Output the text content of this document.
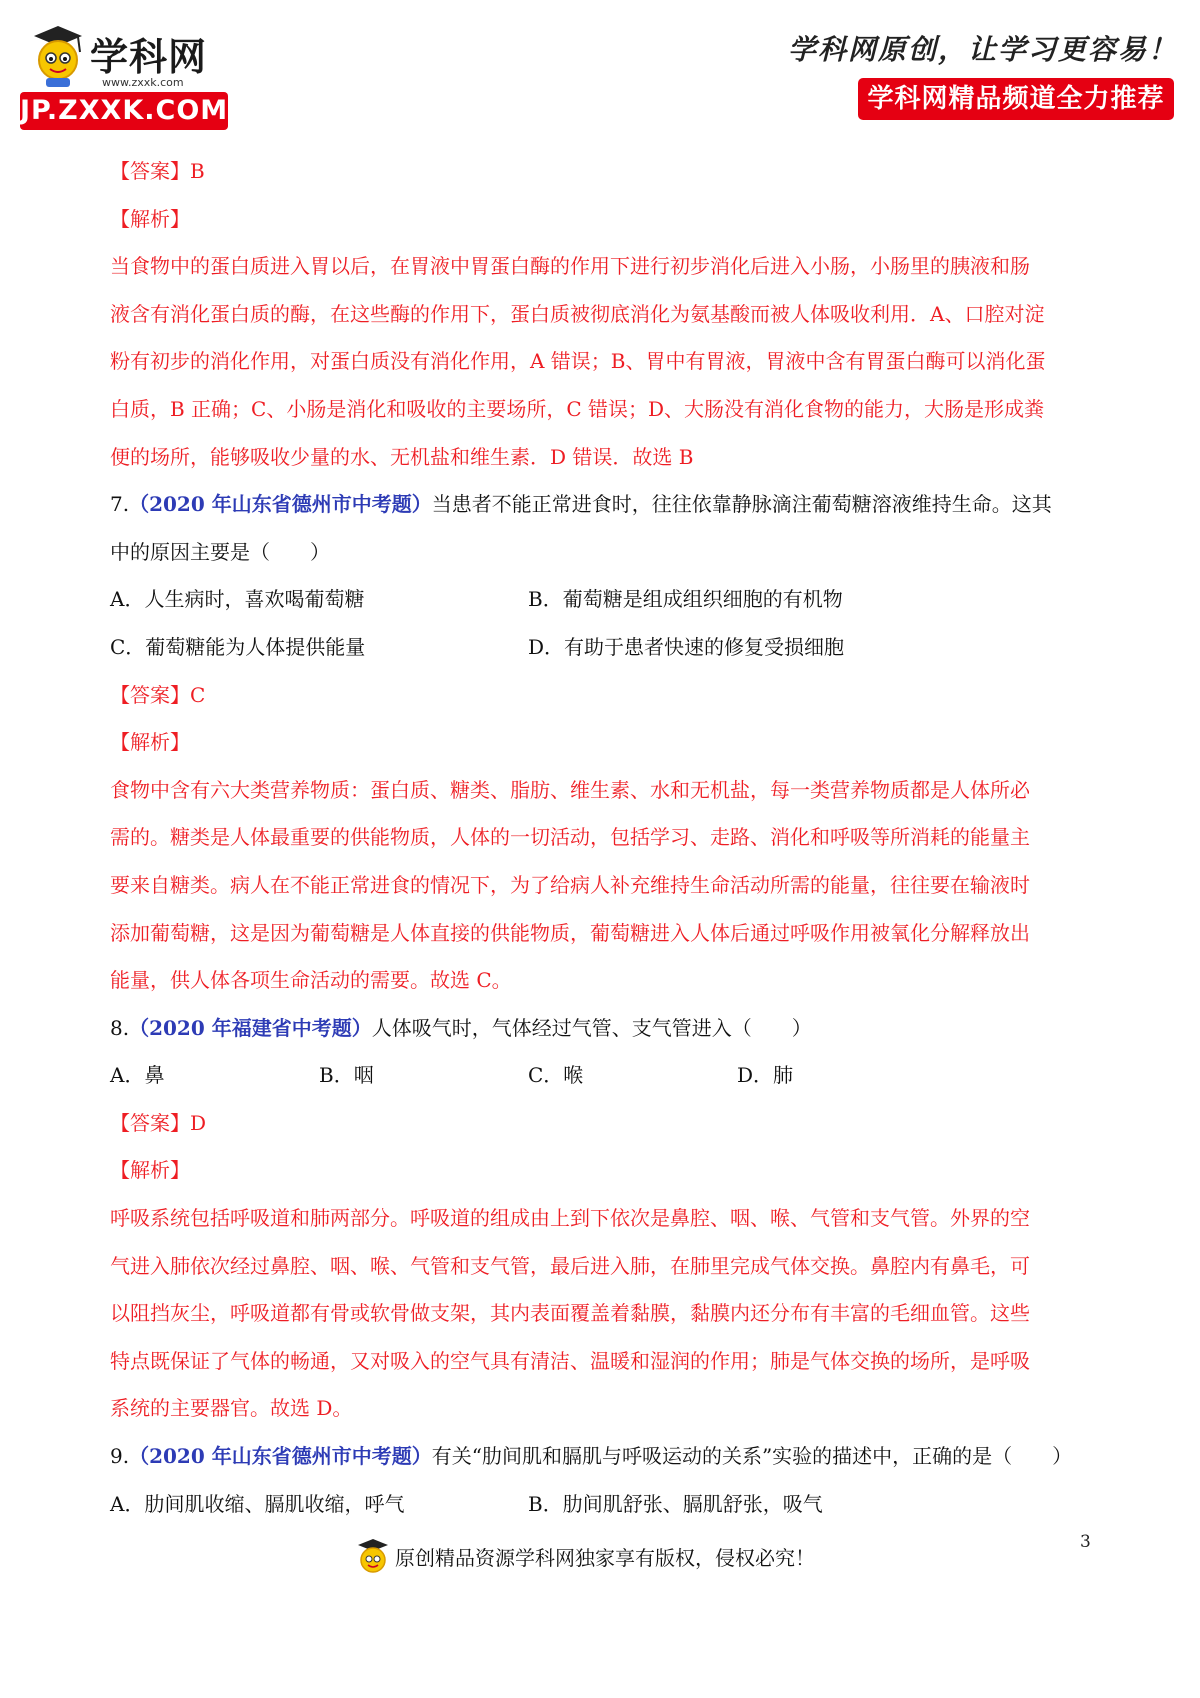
学科网
www.zxxk.com
JP.ZXXK.COM
学科网原创，让学习更容易！
学科网精品频道全力推荐
【答案】B
【解析】
当食物中的蛋白质进入胃以后，在胃液中胃蛋白酶的作用下进行初步消化后进入小肠，小肠里的胰液和肠
液含有消化蛋白质的酶，在这些酶的作用下，蛋白质被彻底消化为氨基酸而被人体吸收利用．A、口腔对淀
粉有初步的消化作用，对蛋白质没有消化作用，A 错误；B、胃中有胃液，胃液中含有胃蛋白酶可以消化蛋
白质，B 正确；C、小肠是消化和吸收的主要场所，C 错误；D、大肠没有消化食物的能力，大肠是形成粪
便的场所，能够吸收少量的水、无机盐和维生素．D 错误．故选 B
7.（2020 年山东省德州市中考题）当患者不能正常进食时，往往依靠静脉滴注葡萄糖溶液维持生命。这其
中的原因主要是（　　）
A．人生病时，喜欢喝葡萄糖	B．葡萄糖是组成组织细胞的有机物
C．葡萄糖能为人体提供能量	D．有助于患者快速的修复受损细胞
【答案】C
【解析】
食物中含有六大类营养物质：蛋白质、糖类、脂肪、维生素、水和无机盐，每一类营养物质都是人体所必
需的。糖类是人体最重要的供能物质，人体的一切活动，包括学习、走路、消化和呼吸等所消耗的能量主
要来自糖类。病人在不能正常进食的情况下，为了给病人补充维持生命活动所需的能量，往往要在输液时
添加葡萄糖，这是因为葡萄糖是人体直接的供能物质，葡萄糖进入人体后通过呼吸作用被氧化分解释放出
能量，供人体各项生命活动的需要。故选 C。
8.（2020 年福建省中考题）人体吸气时，气体经过气管、支气管进入（　　）
A．鼻	B．咽	C．喉	D．肺
【答案】D
【解析】
呼吸系统包括呼吸道和肺两部分。呼吸道的组成由上到下依次是鼻腔、咽、喉、气管和支气管。外界的空
气进入肺依次经过鼻腔、咽、喉、气管和支气管，最后进入肺，在肺里完成气体交换。鼻腔内有鼻毛，可
以阻挡灰尘，呼吸道都有骨或软骨做支架，其内表面覆盖着黏膜，黏膜内还分布有丰富的毛细血管。这些
特点既保证了气体的畅通，又对吸入的空气具有清洁、温暖和湿润的作用；肺是气体交换的场所，是呼吸
系统的主要器官。故选 D。
9.（2020 年山东省德州市中考题）有关“肋间肌和膈肌与呼吸运动的关系”实验的描述中，正确的是（　　）
A．肋间肌收缩、膈肌收缩，呼气	B．肋间肌舒张、膈肌舒张，吸气
3
原创精品资源学科网独家享有版权，侵权必究！
